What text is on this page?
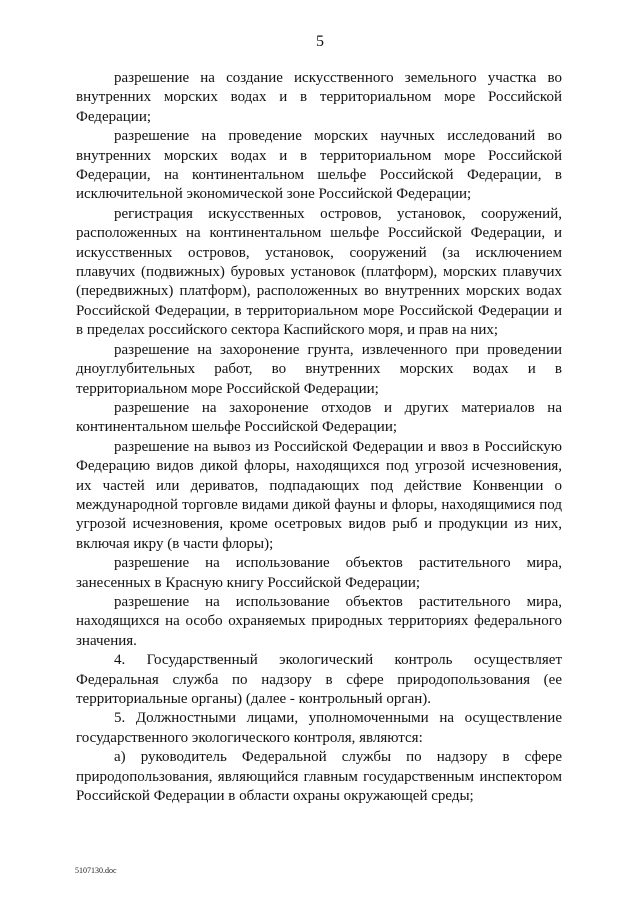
5

разрешение на создание искусственного земельного участка во внутренних морских водах и в территориальном море Российской Федерации;

разрешение на проведение морских научных исследований во внутренних морских водах и в территориальном море Российской Федерации, на континентальном шельфе Российской Федерации, в исключительной экономической зоне Российской Федерации;

регистрация искусственных островов, установок, сооружений, расположенных на континентальном шельфе Российской Федерации, и искусственных островов, установок, сооружений (за исключением плавучих (подвижных) буровых установок (платформ), морских плавучих (передвижных) платформ), расположенных во внутренних морских водах Российской Федерации, в территориальном море Российской Федерации и в пределах российского сектора Каспийского моря, и прав на них;

разрешение на захоронение грунта, извлеченного при проведении дноуглубительных работ, во внутренних морских водах и в территориальном море Российской Федерации;

разрешение на захоронение отходов и других материалов на континентальном шельфе Российской Федерации;

разрешение на вывоз из Российской Федерации и ввоз в Российскую Федерацию видов дикой флоры, находящихся под угрозой исчезновения, их частей или дериватов, подпадающих под действие Конвенции о международной торговле видами дикой фауны и флоры, находящимися под угрозой исчезновения, кроме осетровых видов рыб и продукции из них, включая икру (в части флоры);

разрешение на использование объектов растительного мира, занесенных в Красную книгу Российской Федерации;

разрешение на использование объектов растительного мира, находящихся на особо охраняемых природных территориях федерального значения.

4. Государственный экологический контроль осуществляет Федеральная служба по надзору в сфере природопользования (ее территориальные органы) (далее - контрольный орган).

5. Должностными лицами, уполномоченными на осуществление государственного экологического контроля, являются:

а) руководитель Федеральной службы по надзору в сфере природопользования, являющийся главным государственным инспектором Российской Федерации в области охраны окружающей среды;

5107130.doc
